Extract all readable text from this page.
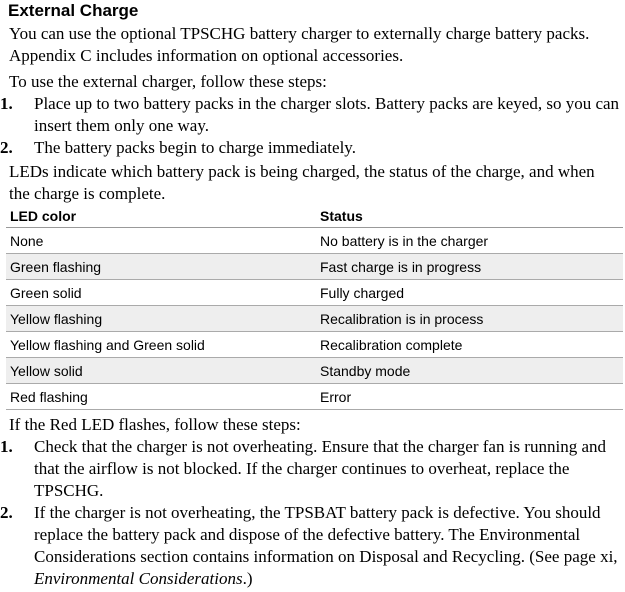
External Charge

You can use the optional TPSCHG battery charger to externally charge battery packs. Appendix C includes information on optional accessories.

To use the external charger, follow these steps:

1.	Place up to two battery packs in the charger slots. Battery packs are keyed, so you can insert them only one way.
2.	The battery packs begin to charge immediately.

LEDs indicate which battery pack is being charged, the status of the charge, and when the charge is complete.

LED color	Status
None	No battery is in the charger
Green flashing	Fast charge is in progress
Green solid	Fully charged
Yellow flashing	Recalibration is in process
Yellow flashing and Green solid	Recalibration complete
Yellow solid	Standby mode
Red flashing	Error

If the Red LED flashes, follow these steps:

1.	Check that the charger is not overheating. Ensure that the charger fan is running and that the airflow is not blocked. If the charger continues to overheat, replace the TPSCHG.
2.	If the charger is not overheating, the TPSBAT battery pack is defective. You should replace the battery pack and dispose of the defective battery. The Environmental Considerations section contains information on Disposal and Recycling. (See page xi, Environmental Considerations.)
